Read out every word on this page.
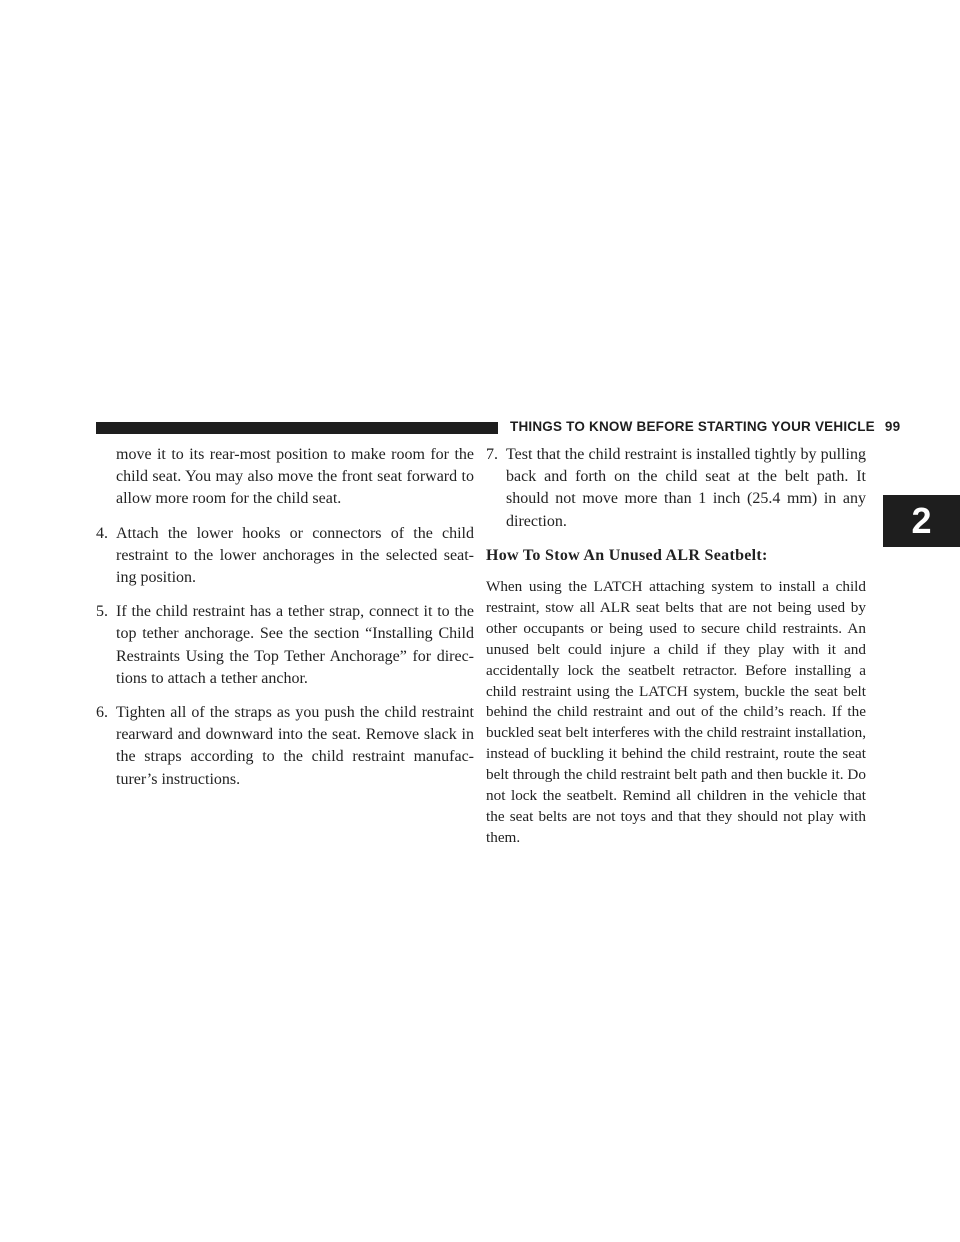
THINGS TO KNOW BEFORE STARTING YOUR VEHICLE 99
2

move it to its rear-most position to make room for the child seat. You may also move the front seat forward to allow more room for the child seat.

4. Attach the lower hooks or connectors of the child restraint to the lower anchorages in the selected seat-ing position.
5. If the child restraint has a tether strap, connect it to the top tether anchorage. See the section “Installing Child Restraints Using the Top Tether Anchorage” for direc-tions to attach a tether anchor.
6. Tighten all of the straps as you push the child restraint rearward and downward into the seat. Remove slack in the straps according to the child restraint manufac-turer’s instructions.
7. Test that the child restraint is installed tightly by pulling back and forth on the child seat at the belt path. It should not move more than 1 inch (25.4 mm) in any direction.
How To Stow An Unused ALR Seatbelt:

When using the LATCH attaching system to install a child restraint, stow all ALR seat belts that are not being used by other occupants or being used to secure child restraints. An unused belt could injure a child if they play with it and accidentally lock the seatbelt retractor. Before installing a child restraint using the LATCH system, buckle the seat belt behind the child restraint and out of the child’s reach. If the buckled seat belt interferes with the child restraint installation, instead of buckling it behind the child restraint, route the seat belt through the child restraint belt path and then buckle it. Do not lock the seatbelt. Remind all children in the vehicle that the seat belts are not toys and that they should not play with them.
